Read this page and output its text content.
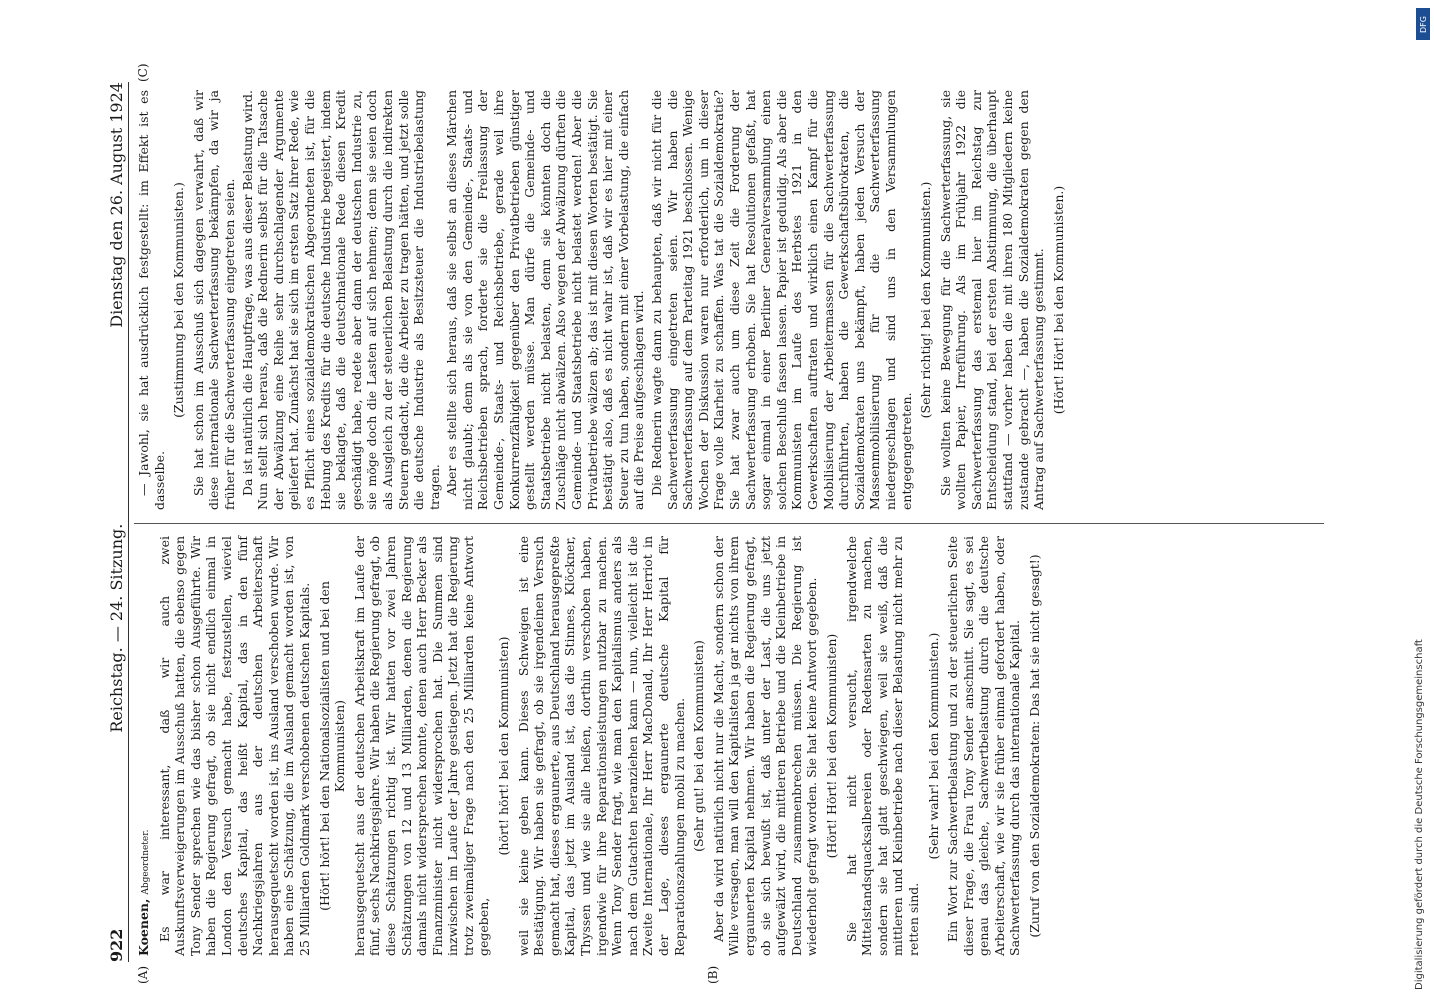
922
Reichstag. — 24. Sitzung.
Dienstag den 26. August 1924
(A)	(B)
(C)

Koenen, Abgeordneter. Es war interessant, daß wir auch zwei Auskunftsverweigerungen im Ausschuß hatten, die ebenso gegen Tony Sender sprechen wie das bisher schon Ausgeführte. Wir haben die Regierung gefragt, ob sie nicht endlich einmal in London den Versuch gemacht habe, festzustellen, wieviel deutsches Kapital, das heißt Kapital, das in den fünf Nachkriegsjahren aus der deutschen Arbeiterschaft herausgequetscht worden ist, ins Ausland verschoben wurde. Wir haben eine Schätzung, die im Ausland gemacht worden ist, von 25 Milliarden Goldmark verschobenen deutschen Kapitals. (Hört! hört! bei den Nationalsozialisten und bei den Kommunisten) herausgequetscht aus der deutschen Arbeitskraft im Laufe der fünf, sechs Nachkriegsjahre. Wir haben die Regierung gefragt, ob diese Schätzungen richtig ist. Wir hatten vor zwei Jahren Schätzungen von 12 und 13 Milliarden, denen die Regierung damals nicht widersprechen konnte, denen auch Herr Becker als Finanzminister nicht widersprochen hat. Die Summen sind inzwischen im Laufe der Jahre gestiegen. Jetzt hat die Regierung trotz zweimaliger Frage nach den 25 Milliarden keine Antwort gegeben,

(hört! hört! bei den Kommunisten) weil sie keine geben kann. Dieses Schweigen ist eine Bestätigung. Wir haben sie gefragt, ob sie irgendeinen Versuch gemacht hat, dieses ergaunerte, aus Deutschland herausgepreßte Kapital, das jetzt im Ausland ist, das die Stinnes, Klöckner, Thyssen und wie sie alle heißen, dorthin verschoben haben, irgendwie für ihre Reparationsleistungen nutzbar zu machen. Wenn Tony Sender fragt, wie man den Kapitalismus anders als nach dem Gutachten heranziehen kann — nun, vielleicht ist die Zweite Internationale, Ihr Herr MacDonald, Ihr Herr Herriot in der Lage, dieses ergaunerte deutsche Kapital für Reparationszahlungen mobil zu machen. (Sehr gut! bei den Kommunisten) Aber da wird natürlich nicht nur die Macht, sondern schon der Wille versagen, man will den Kapitalisten ja gar nichts von ihrem ergaunerten Kapital nehmen. Wir haben die Regierung gefragt, ob sie sich bewußt ist, daß unter der Last, die uns jetzt aufgewälzt wird, die mittleren Betriebe und die Kleinbetriebe in Deutschland zusammenbrechen müssen. Die Regierung ist wiederholt gefragt worden. Sie hat keine Antwort gegeben. (Hört! Hört! bei den Kommunisten) Sie hat nicht versucht, irgendwelche Mittelstandsquacksalbereien oder Redensarten zu machen, sondern sie hat glatt geschwiegen, weil sie weiß, daß die mittleren und Kleinbetriebe nach dieser Belastung nicht mehr zu retten sind.

(Sehr wahr! bei den Kommunisten.) Ein Wort zur Sachwertbelastung und zu der steuerlichen Seite dieser Frage, die Frau Tony Sender anschnitt. Sie sagt, es sei genau das gleiche, Sachwertbelastung durch die deutsche Arbeiterschaft, wie wir sie früher einmal gefordert haben, oder Sachwerterfassung durch das internationale Kapital. (Zuruf von den Sozialdemokraten: Das hat sie nicht gesagt!)

— Jawohl, sie hat ausdrücklich festgestellt: im Effekt ist es dasselbe.

(Zustimmung bei den Kommunisten.) Sie hat schon im Ausschuß sich dagegen verwahrt, daß wir diese internationale Sachwerterfassung bekämpfen, da wir ja früher für die Sachwerterfassung eingetreten seien. Da ist natürlich die Hauptfrage, was aus dieser Belastung wird. Nun stellt sich heraus, daß die Rednerin selbst für die Tatsache der Abwälzung eine Reihe sehr durchschlagender Argumente geliefert hat. Zunächst hat sie sich im ersten Satz ihrer Rede, wie es Pflicht eines sozialdemokratischen Abgeordneten ist, für die Hebung des Kredits für die deutsche Industrie begeistert, indem sie beklagte, daß die deutschnationale Rede diesen Kredit geschädigt habe, redete aber dann der deutschen Industrie zu, sie möge doch die Lasten auf sich nehmen; denn sie seien doch als Ausgleich zu der steuerlichen Belastung durch die indirekten Steuern gedacht, die die Arbeiter zu tragen hätten, und jetzt solle die deutsche Industrie als Besitzsteuer die Industriebelastung tragen. Aber es stellte sich heraus, daß sie selbst an dieses Märchen nicht glaubt; denn als sie von den Gemeinde-, Staats- und Reichsbetrieben sprach, forderte sie die Freilassung der Gemeinde-, Staats- und Reichsbetriebe, gerade weil ihre Konkurrenzfähigkeit gegenüber den Privatbetrieben günstiger gestellt werden müsse. Man dürfe die Gemeinde- und Staatsbetriebe nicht belasten, denn sie könnten doch die Zuschläge nicht abwälzen. Also wegen der Abwälzung dürften die Gemeinde- und Staatsbetriebe nicht belastet werden! Aber die Privatbetriebe wälzen ab; das ist mit diesen Worten bestätigt. Sie bestätigt also, daß es nicht wahr ist, daß wir es hier mit einer Steuer zu tun haben, sondern mit einer Vorbelastung, die einfach auf die Preise aufgeschlagen wird. Die Rednerin wagte dann zu behaupten, daß wir nicht für die Sachwerterfassung eingetreten seien. Wir haben die Sachwerterfassung auf dem Parteitag 1921 beschlossen. Wenige Wochen der Diskussion waren nur erforderlich, um in dieser Frage volle Klarheit zu schaffen. Was tat die Sozialdemokratie? Sie hat zwar auch um diese Zeit die Forderung der Sachwerterfassung erhoben. Sie hat Resolutionen gefaßt, hat sogar einmal in einer Berliner Generalversammlung einen solchen Beschluß fassen lassen. Papier ist geduldig. Als aber die Kommunisten im Laufe des Herbstes 1921 in den Gewerkschaften auftraten und wirklich einen Kampf für die Mobilisierung der Arbeitermassen für die Sachwerterfassung durchführten, haben die Gewerkschaftsbürokraten, die Sozialdemokraten uns bekämpft, haben jeden Versuch der Massenmobilisierung für die Sachwerterfassung niedergeschlagen und sind uns in den Versammlungen entgegengetreten.

(Sehr richtig! bei den Kommunisten.) Sie wollten keine Bewegung für die Sachwerterfassung, sie wollten Papier, Irreführung. Als im Frühjahr 1922 die Sachwerterfassung das erstemal hier im Reichstag zur Entscheidung stand, bei der ersten Abstimmung, die überhaupt stattfand — vorher haben die mit ihren 180 Mitgliedern keine zustande gebracht —, haben die Sozialdemokraten gegen den Antrag auf Sachwerterfassung gestimmt. (Hört! Hört! bei den Kommunisten.)

Digitalisierung gefördert durch die Deutsche Forschungsgemeinschaft
DFG
